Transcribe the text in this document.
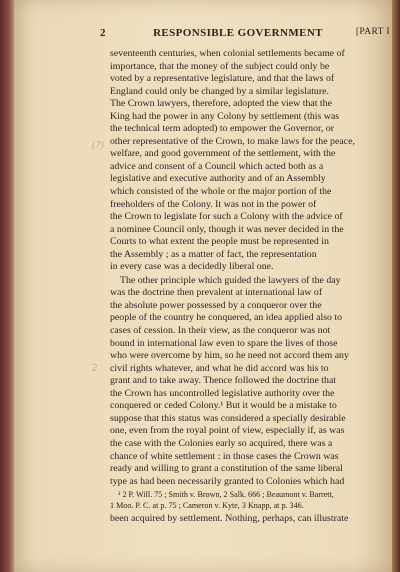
2	RESPONSIBLE GOVERNMENT	[PART I
(?)
2
seventeenth centuries, when colonial settlements became of
importance, that the money of the subject could only be
voted by a representative legislature, and that the laws of
England could only be changed by a similar legislature.
The Crown lawyers, therefore, adopted the view that the
King had the power in any Colony by settlement (this was
the technical term adopted) to empower the Governor, or
other representative of the Crown, to make laws for the peace,
welfare, and good government of the settlement, with the
advice and consent of a Council which acted both as a
legislative and executive authority and of an Assembly
which consisted of the whole or the major portion of the
freeholders of the Colony. It was not in the power of
the Crown to legislate for such a Colony with the advice of
a nominee Council only, though it was never decided in the
Courts to what extent the people must be represented in
the Assembly ; as a matter of fact, the representation
in every case was a decidedly liberal one.
The other principle which guided the lawyers of the day
was the doctrine then prevalent at international law of
the absolute power possessed by a conqueror over the
people of the country he conquered, an idea applied also to
cases of cession. In their view, as the conqueror was not
bound in international law even to spare the lives of those
who were overcome by him, so he need not accord them any
civil rights whatever, and what he did accord was his to
grant and to take away. Thence followed the doctrine that
the Crown has uncontrolled legislative authority over the
conquered or ceded Colony.¹ But it would be a mistake to
suppose that this status was considered a specially desirable
one, even from the royal point of view, especially if, as was
the case with the Colonies early so acquired, there was a
chance of white settlement : in those cases the Crown was
ready and willing to grant a constitution of the same liberal
type as had been necessarily granted to Colonies which had
¹ 2 P. Will. 75 ; Smith v. Brown, 2 Salk. 666 ; Beaumont v. Barrett,
1 Moo. P. C. at p. 75 ; Cameron v. Kyte, 3 Knapp, at p. 346.
been acquired by settlement. Nothing, perhaps, can illustrate
